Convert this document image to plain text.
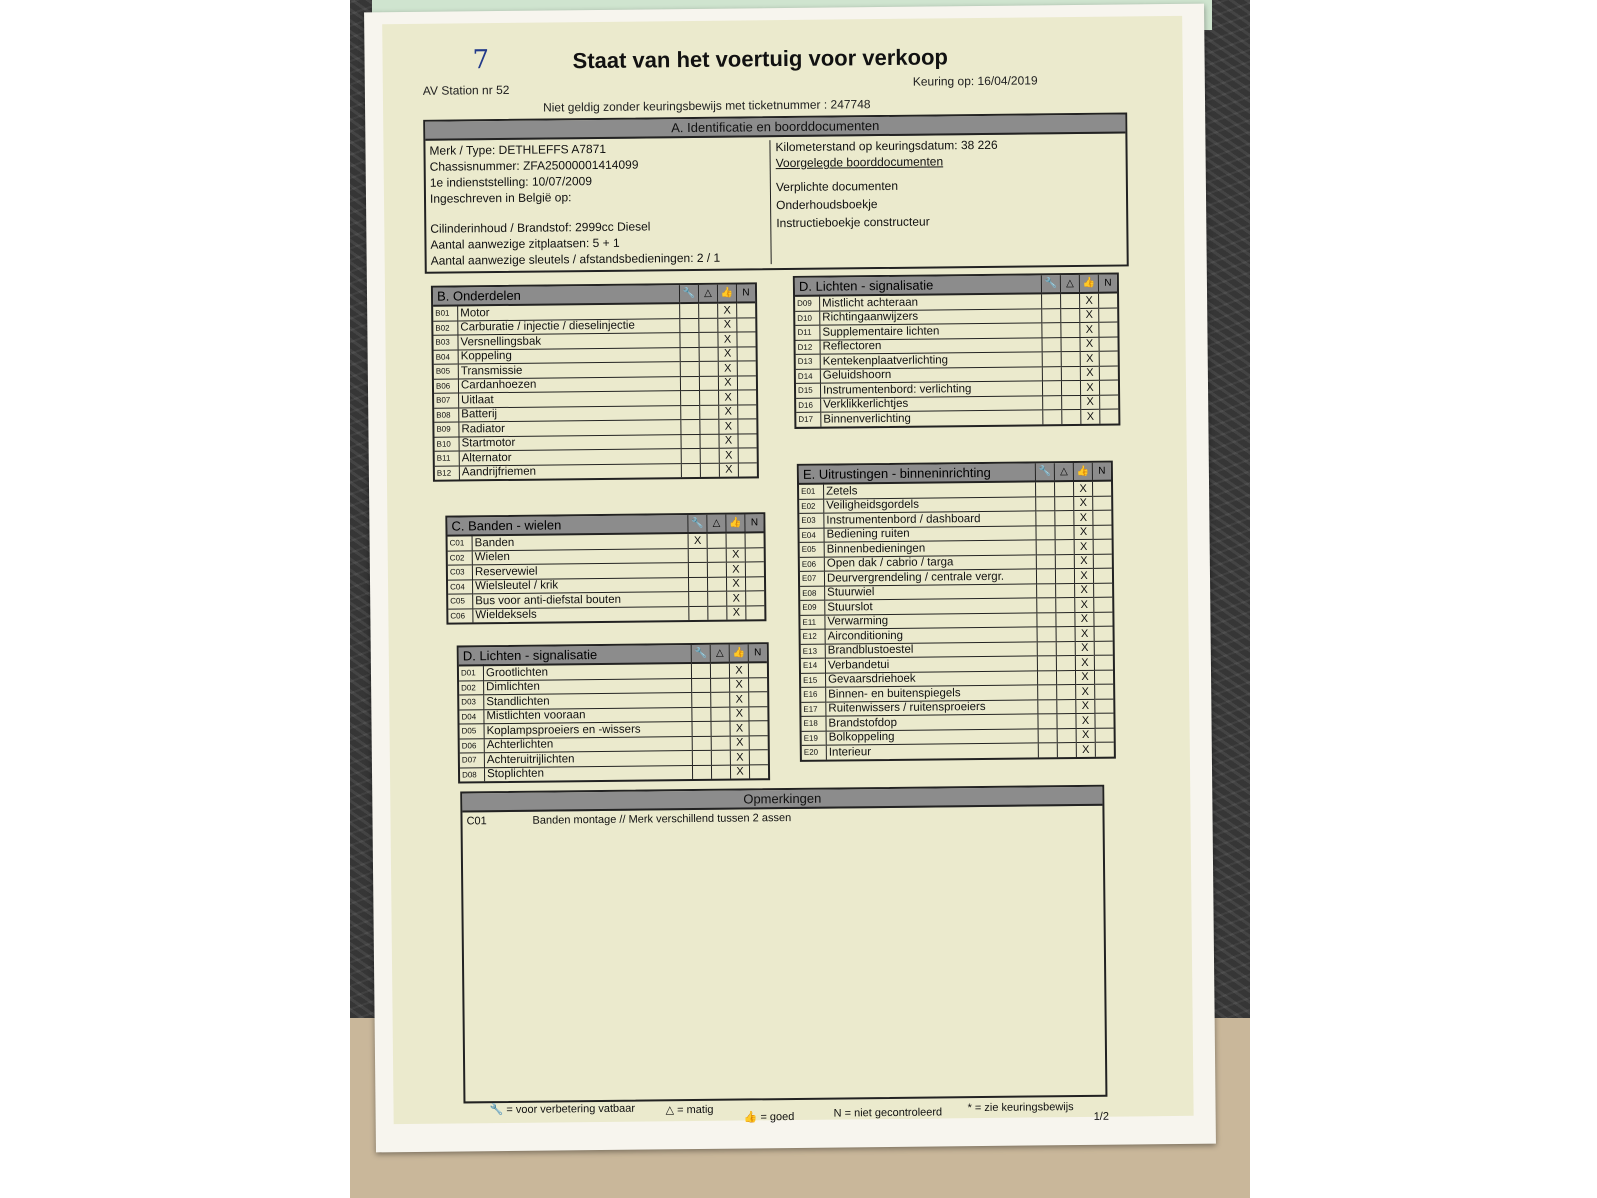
7	Staat van het voertuig voor verkoop
AV Station nr 52
Keuring op: 16/04/2019
Niet geldig zonder keuringsbewijs met ticketnummer : 247748
A. Identificatie en boorddocumenten
Merk / Type: DETHLEFFS A7871
Chassisnummer: ZFA25000001414099
1e indienststelling: 10/07/2009
Ingeschreven in België op:
Cilinderinhoud / Brandstof: 2999cc Diesel
Aantal aanwezige zitplaatsen: 5 + 1
Aantal aanwezige sleutels / afstandsbedieningen: 2 / 1
Kilometerstand op keuringsdatum: 38 226
Voorgelegde boorddocumenten
Verplichte documenten
Onderhoudsboekje
Instructieboekje constructeur
B. Onderdelen		🔧	△	👍	N
B01	Motor			X	
B02	Carburatie / injectie / dieselinjectie			X	
B03	Versnellingsbak			X	
B04	Koppeling			X	
B05	Transmissie			X	
B06	Cardanhoezen			X	
B07	Uitlaat			X	
B08	Batterij			X	
B09	Radiator			X	
B10	Startmotor			X	
B11	Alternator			X	
B12	Aandrijfriemen			X	
C. Banden - wielen		🔧	△	👍	N
C01	Banden	X			
C02	Wielen			X	
C03	Reservewiel			X	
C04	Wielsleutel / krik			X	
C05	Bus voor anti-diefstal bouten			X	
C06	Wieldeksels			X	
D. Lichten - signalisatie		🔧	△	👍	N
D01	Grootlichten			X	
D02	Dimlichten			X	
D03	Standlichten			X	
D04	Mistlichten vooraan			X	
D05	Koplampsproeiers en -wissers			X	
D06	Achterlichten			X	
D07	Achteruitrijlichten			X	
D08	Stoplichten			X	
D. Lichten - signalisatie		🔧	△	👍	N
D09	Mistlicht achteraan			X	
D10	Richtingaanwijzers			X	
D11	Supplementaire lichten			X	
D12	Reflectoren			X	
D13	Kentekenplaatverlichting			X	
D14	Geluidshoorn			X	
D15	Instrumentenbord: verlichting			X	
D16	Verklikkerlichtjes			X	
D17	Binnenverlichting			X	
E. Uitrustingen - binneninrichting		🔧	△	👍	N
E01	Zetels			X	
E02	Veiligheidsgordels			X	
E03	Instrumentenbord / dashboard			X	
E04	Bediening ruiten			X	
E05	Binnenbedieningen			X	
E06	Open dak / cabrio / targa			X	
E07	Deurvergrendeling / centrale vergr.			X	
E08	Stuurwiel			X	
E09	Stuurslot			X	
E11	Verwarming			X	
E12	Airconditioning			X	
E13	Brandblustoestel			X	
E14	Verbandetui			X	
E15	Gevaarsdriehoek			X	
E16	Binnen- en buitenspiegels			X	
E17	Ruitenwissers / ruitensproeiers			X	
E18	Brandstofdop			X	
E19	Bolkoppeling			X	
E20	Interieur			X	
Opmerkingen
C01	Banden montage // Merk verschillend tussen 2 assen
🔧 = voor verbetering vatbaar	△ = matig
👍 = goed	N = niet gecontroleerd * = zie keuringsbewijs
1/2
